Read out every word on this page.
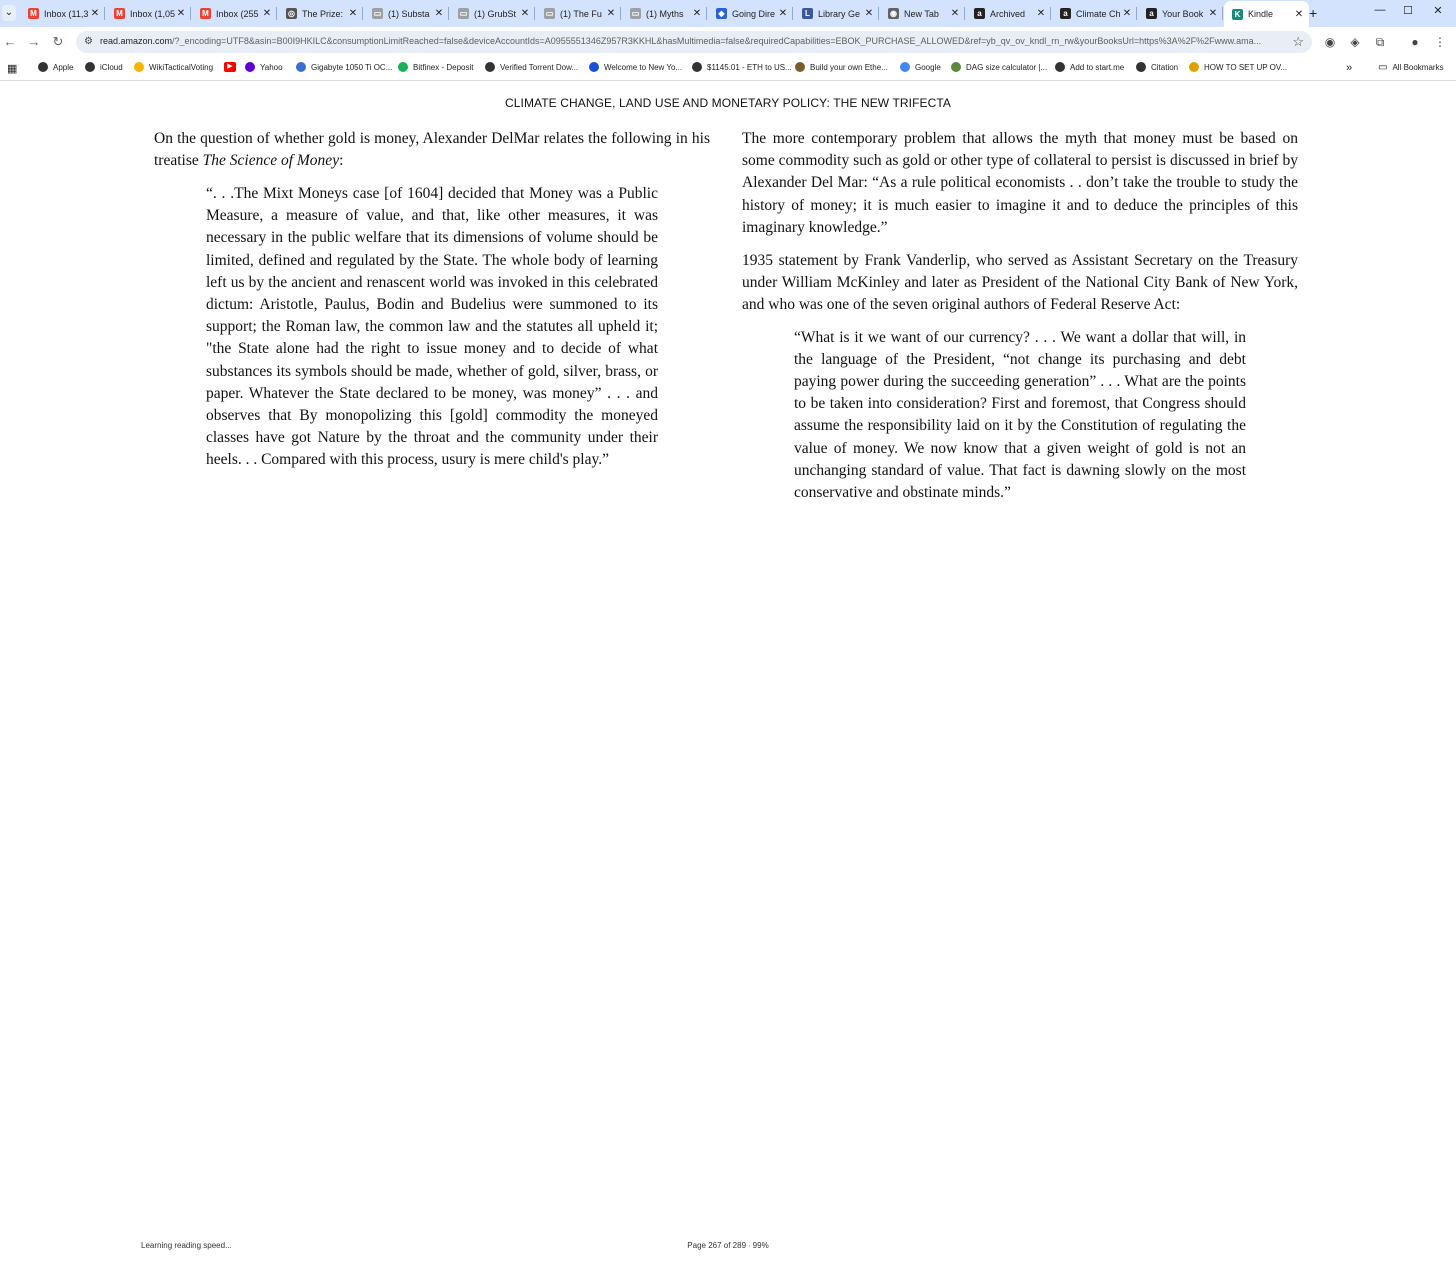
⌄	M Inbox (11,3 ✕ M Inbox (1,05 ✕ M Inbox (255 ✕ ◎ The Prize: ✕ ▭ (1) Substa ✕ ▭ (1) GrubSt ✕ ▭ (1) The Fu ✕ ▭ (1) Myths ✕	◆ Going Dire ✕	L Library Ge ✕ ◉ New Tab	✕	a Archived	✕	a Climate Ch ✕	a Your Book ✕	K Kindle	✕ +	—	☐	✕
← → ↻ ⚙ read.amazon.com/?_encoding=UTF8&asin=B00I9HKILC&consumptionLimitReached=false&deviceAccountIds=A0955551346Z957R3KKHL&hasMultimedia=false&requiredCapabilities=EBOK_PURCHASE_ALLOWED&ref=yb_qv_ov_kndl_rn_rw&yourBooksUrl=https%3A%2F%2Fwww.ama...	☆ ◉ ◈	⧉	●	⋮
▦	Apple	iCloud	WikiTacticalVoting	▶	Yahoo	Gigabyte 1050 Ti OC...	Bitfinex - Deposit	Verified Torrent Dow...	Welcome to New Yo...	$1145.01 - ETH to US... Build your own Ethe...	Google	DAG size calculator |...	Add to start.me	Citation	HOW TO SET UP OV...	»	▭ All Bookmarks
CLIMATE CHANGE, LAND USE AND MONETARY POLICY: THE NEW TRIFECTA

On the question of whether gold is money, Alexander DelMar relates the following in his treatise The Science of Money:

“. . .The Mixt Moneys case [of 1604] decided that Money was a Public Measure, a measure of value, and that, like other measures, it was necessary in the public welfare that its dimensions of volume should be limited, defined and regulated by the State. The whole body of learning left us by the ancient and renascent world was invoked in this celebrated dictum: Aristotle, Paulus, Bodin and Budelius were summoned to its support; the Roman law, the common law and the statutes all upheld it; "the State alone had the right to issue money and to decide of what substances its symbols should be made, whether of gold, silver, brass, or paper. Whatever the State declared to be money, was money” . . . and observes that By monopolizing this [gold] commodity the moneyed classes have got Nature by the throat and the community under their heels. . . Compared with this process, usury is mere child's play.”

The more contemporary problem that allows the myth that money must be based on some commodity such as gold or other type of collateral to persist is discussed in brief by Alexander Del Mar: “As a rule political economists . . don’t take the trouble to study the history of money; it is much easier to imagine it and to deduce the principles of this imaginary knowledge.”

1935 statement by Frank Vanderlip, who served as Assistant Secretary on the Treasury under William McKinley and later as President of the National City Bank of New York, and who was one of the seven original authors of Federal Reserve Act:

“What is it we want of our currency? . . . We want a dollar that will, in the language of the President, “not change its purchasing and debt paying power during the succeeding generation” . . . What are the points to be taken into consideration? First and foremost, that Congress should assume the responsibility laid on it by the Constitution of regulating the value of money. We now know that a given weight of gold is not an unchanging standard of value. That fact is dawning slowly on the most conservative and obstinate minds.”

Learning reading speed...	Page 267 of 289 ∙ 99%
